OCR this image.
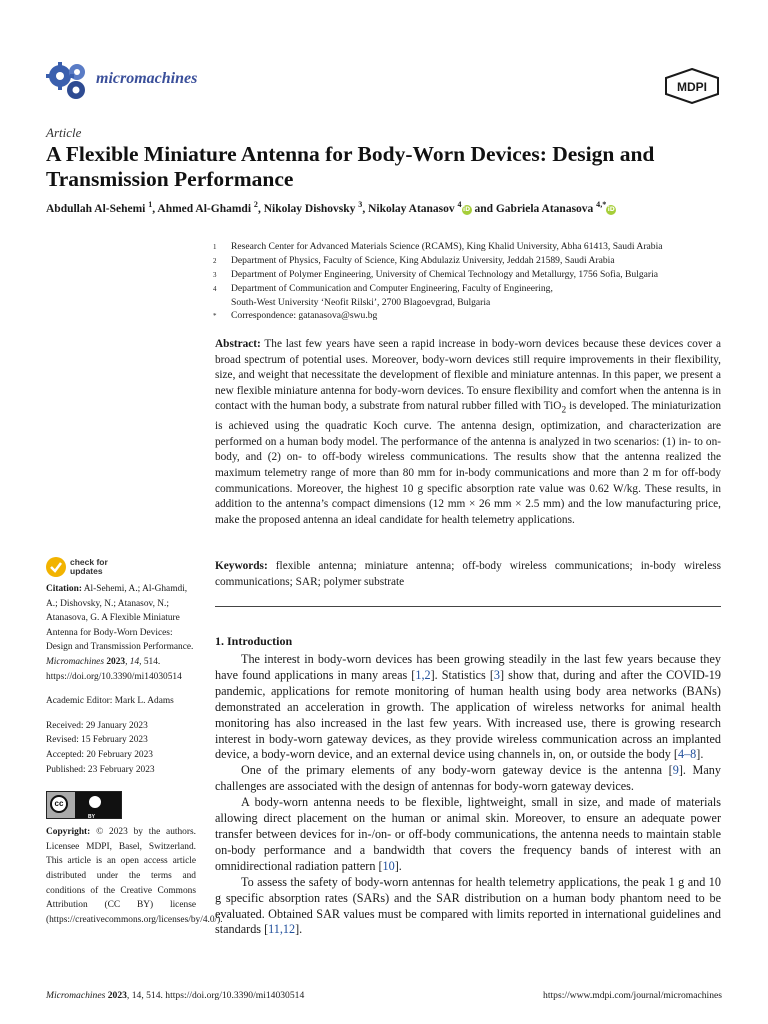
micromachines	MDPI
Article
A Flexible Miniature Antenna for Body-Worn Devices: Design and Transmission Performance
Abdullah Al-Sehemi $^1$, Ahmed Al-Ghamdi $^2$, Nikolay Dishovsky $^3$, Nikolay Atanasov $^4$iD and Gabriela Atanasova $^{4,*}$iD
1	Research Center for Advanced Materials Science (RCAMS), King Khalid University, Abha 61413, Saudi Arabia
2	Department of Physics, Faculty of Science, King Abdulaziz University, Jeddah 21589, Saudi Arabia
3	Department of Polymer Engineering, University of Chemical Technology and Metallurgy, 1756 Sofia, Bulgaria
4	Department of Communication and Computer Engineering, Faculty of Engineering,
South-West University ‘Neofit Rilski’, 2700 Blagoevgrad, Bulgaria
*	Correspondence: gatanasova@swu.bg
Abstract: The last few years have seen a rapid increase in body-worn devices because these devices cover a broad spectrum of potential uses. Moreover, body-worn devices still require improvements in their flexibility, size, and weight that necessitate the development of flexible and miniature antennas. In this paper, we present a new flexible miniature antenna for body-worn devices. To ensure flexibility and comfort when the antenna is in contact with the human body, a substrate from natural rubber filled with TiO$_2$ is developed. The miniaturization is achieved using the quadratic Koch curve. The antenna design, optimization, and characterization are performed on a human body model. The performance of the antenna is analyzed in two scenarios: (1) in- to on-body, and (2) on- to off-body wireless communications. The results show that the antenna realized the maximum telemetry range of more than 80 mm for in-body communications and more than 2 m for off-body communications. Moreover, the highest 10 g specific absorption rate value was 0.62 W/kg. These results, in addition to the antenna’s compact dimensions (12 mm × 26 mm × 2.5 mm) and the low manufacturing price, make the proposed antenna an ideal candidate for health telemetry applications.
Keywords: flexible antenna; miniature antenna; off-body wireless communications; in-body wireless communications; SAR; polymer substrate
check for
updates

Citation: Al-Sehemi, A.; Al-Ghamdi, A.; Dishovsky, N.; Atanasov, N.; Atanasova, G. A Flexible Miniature Antenna for Body-Worn Devices: Design and Transmission Performance. Micromachines 2023, 14, 514. https://doi.org/10.3390/mi14030514

Academic Editor: Mark L. Adams

Received: 29 January 2023

Revised: 15 February 2023

Accepted: 20 February 2023

Published: 23 February 2023

cc
BY

Copyright: © 2023 by the authors. Licensee MDPI, Basel, Switzerland. This article is an open access article distributed under the terms and conditions of the Creative Commons Attribution (CC BY) license (https://creativecommons.org/licenses/by/4.0/).

1. Introduction

The interest in body-worn devices has been growing steadily in the last few years because they have found applications in many areas [1,2]. Statistics [3] show that, during and after the COVID-19 pandemic, applications for remote monitoring of human health using body area networks (BANs) demonstrated an acceleration in growth. The application of wireless networks for animal health monitoring has also increased in the last few years. With increased use, there is growing research interest in body-worn gateway devices, as they provide wireless communication across an implanted device, a body-worn device, and an external device using channels in, on, or outside the body [4–8].

One of the primary elements of any body-worn gateway device is the antenna [9]. Many challenges are associated with the design of antennas for body-worn gateway devices.

A body-worn antenna needs to be flexible, lightweight, small in size, and made of materials allowing direct placement on the human or animal skin. Moreover, to ensure an adequate power transfer between devices for in-/on- or off-body communications, the antenna needs to maintain stable on-body performance and a bandwidth that covers the frequency bands of interest with an omnidirectional radiation pattern [10].

To assess the safety of body-worn antennas for health telemetry applications, the peak 1 g and 10 g specific absorption rates (SARs) and the SAR distribution on a human body phantom need to be evaluated. Obtained SAR values must be compared with limits reported in international guidelines and standards [11,12].

Micromachines 2023, 14, 514. https://doi.org/10.3390/mi14030514	https://www.mdpi.com/journal/micromachines
